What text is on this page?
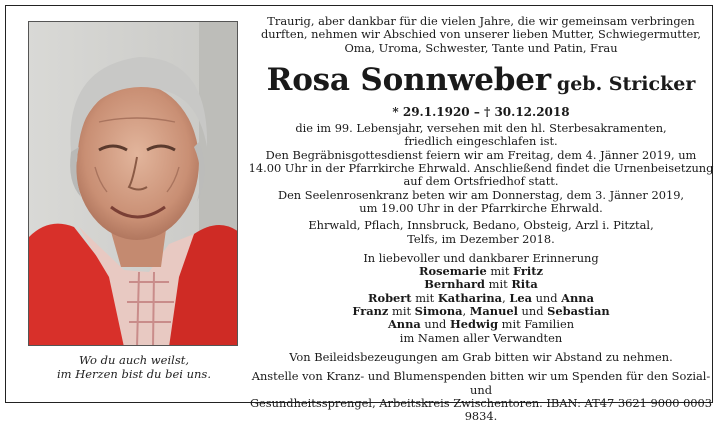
Wo du auch weilst,
im Herzen bist du bei uns.
Traurig, aber dankbar für die vielen Jahre, die wir gemeinsam verbringen
durften, nehmen wir Abschied von unserer lieben Mutter, Schwiegermutter,
Oma, Uroma, Schwester, Tante und Patin, Frau
Rosa Sonnweber geb. Stricker
* 29.1.1920 – † 30.12.2018
die im 99. Lebensjahr, versehen mit den hl. Sterbesakramenten,
friedlich eingeschlafen ist.
Den Begräbnisgottesdienst feiern wir am Freitag, dem 4. Jänner 2019, um
14.00 Uhr in der Pfarrkirche Ehrwald. Anschließend findet die Urnenbeisetzung
auf dem Ortsfriedhof statt.
Den Seelenrosenkranz beten wir am Donnerstag, dem 3. Jänner 2019,
um 19.00 Uhr in der Pfarrkirche Ehrwald.
Ehrwald, Pflach, Innsbruck, Bedano, Obsteig, Arzl i. Pitztal,
Telfs, im Dezember 2018.
In liebevoller und dankbarer Erinnerung
Rosemarie mit Fritz
Bernhard mit Rita
Robert mit Katharina, Lea und Anna
Franz mit Simona, Manuel und Sebastian
Anna und Hedwig mit Familien
im Namen aller Verwandten
Von Beileidsbezeugungen am Grab bitten wir Abstand zu nehmen.
Anstelle von Kranz- und Blumenspenden bitten wir um Spenden für den Sozial- und
Gesundheitssprengel, Arbeitskreis Zwischentoren. IBAN: AT47 3621 9000 0003 9834.
